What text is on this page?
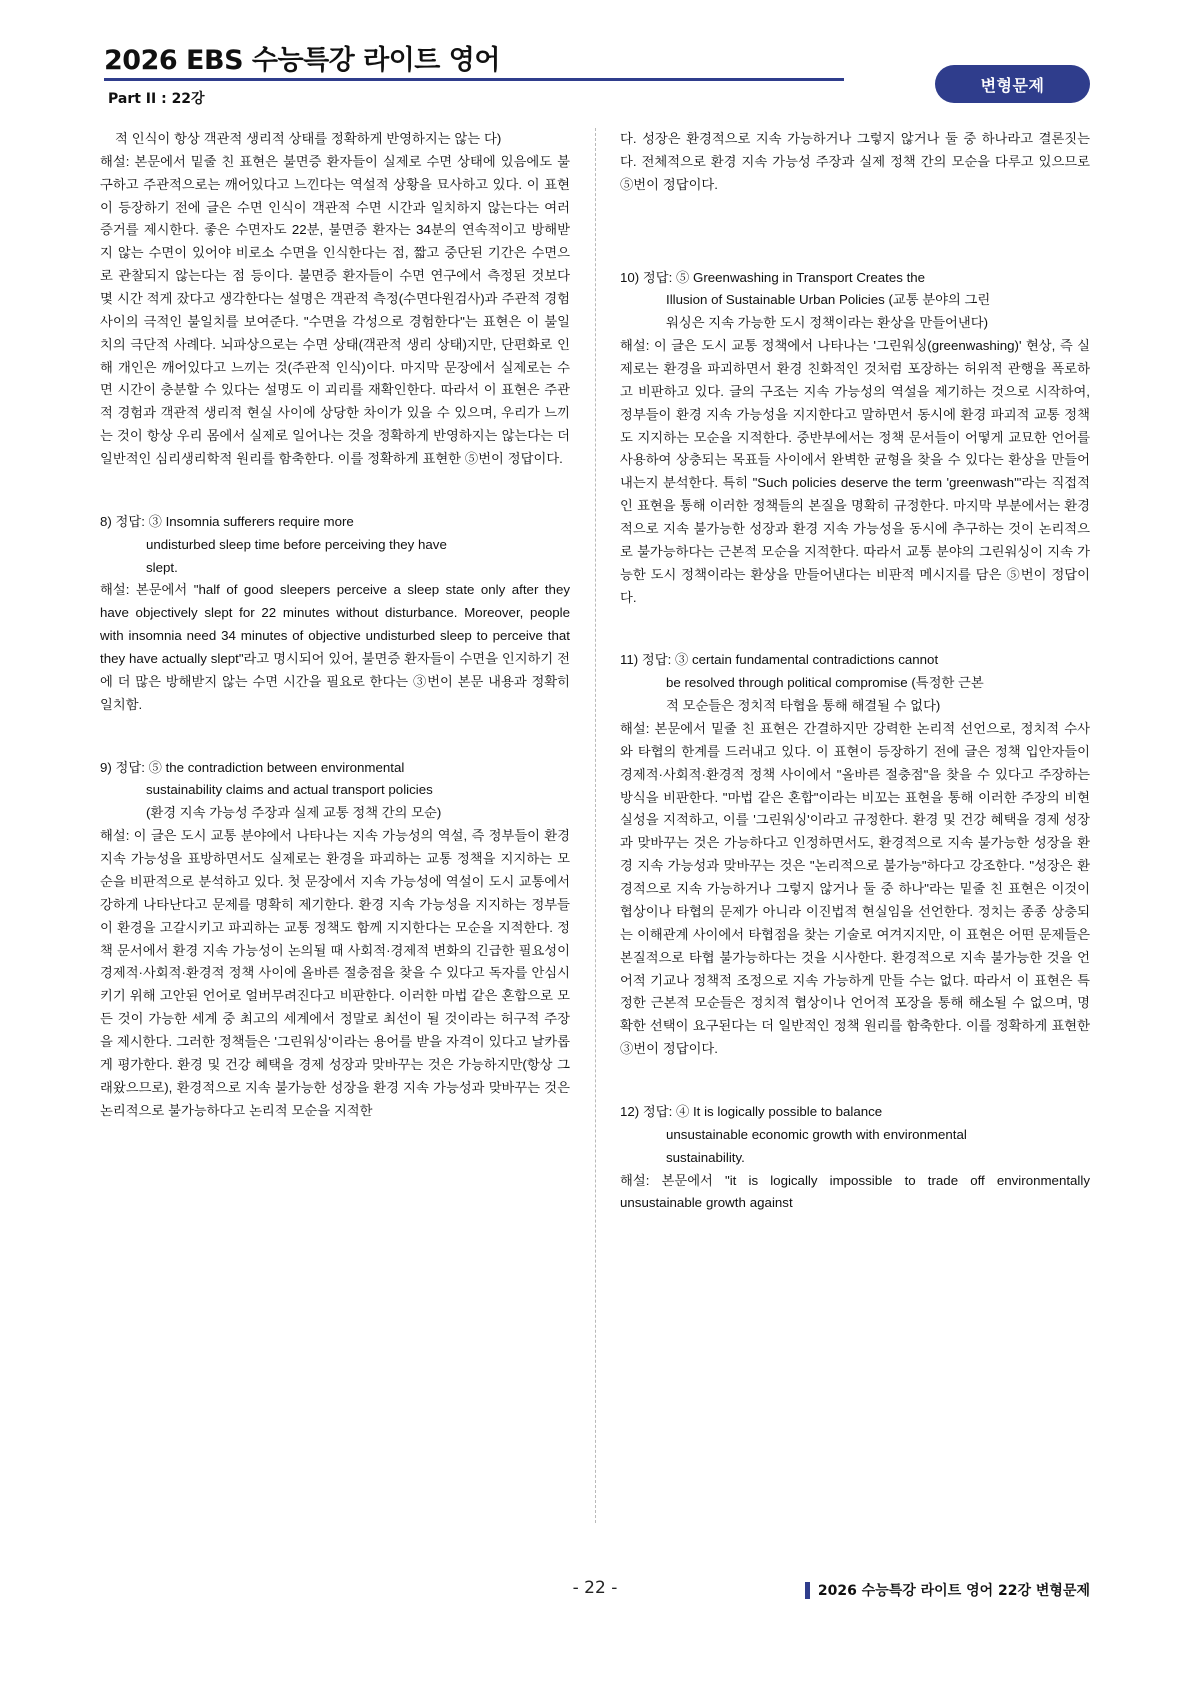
2026 EBS 수능특강 라이트 영어
Part II : 22강
변형문제

적 인식이 항상 객관적 생리적 상태를 정확하게 반영하지는 않는 다)

해설: 본문에서 밑줄 친 표현은 불면증 환자들이 실제로 수면 상태에 있음에도 불구하고 주관적으로는 깨어있다고 느낀다는 역설적 상황을 묘사하고 있다. 이 표현이 등장하기 전에 글은 수면 인식이 객관적 수면 시간과 일치하지 않는다는 여러 증거를 제시한다. 좋은 수면자도 22분, 불면증 환자는 34분의 연속적이고 방해받지 않는 수면이 있어야 비로소 수면을 인식한다는 점, 짧고 중단된 기간은 수면으로 관찰되지 않는다는 점 등이다. 불면증 환자들이 수면 연구에서 측정된 것보다 몇 시간 적게 잤다고 생각한다는 설명은 객관적 측정(수면다원검사)과 주관적 경험 사이의 극적인 불일치를 보여준다. "수면을 각성으로 경험한다"는 표현은 이 불일치의 극단적 사례다. 뇌파상으로는 수면 상태(객관적 생리 상태)지만, 단편화로 인해 개인은 깨어있다고 느끼는 것(주관적 인식)이다. 마지막 문장에서 실제로는 수면 시간이 충분할 수 있다는 설명도 이 괴리를 재확인한다. 따라서 이 표현은 주관적 경험과 객관적 생리적 현실 사이에 상당한 차이가 있을 수 있으며, 우리가 느끼는 것이 항상 우리 몸에서 실제로 일어나는 것을 정확하게 반영하지는 않는다는 더 일반적인 심리생리학적 원리를 함축한다. 이를 정확하게 표현한 ⑤번이 정답이다.

8) 정답: ③ Insomnia sufferers require more

undisturbed sleep time before perceiving they have

slept.

해설: 본문에서 "half of good sleepers perceive a sleep state only after they have objectively slept for 22 minutes without disturbance. Moreover, people with insomnia need 34 minutes of objective undisturbed sleep to perceive that they have actually slept"라고 명시되어 있어, 불면증 환자들이 수면을 인지하기 전에 더 많은 방해받지 않는 수면 시간을 필요로 한다는 ③번이 본문 내용과 정확히 일치함.

9) 정답: ⑤ the contradiction between environmental

sustainability claims and actual transport policies

(환경 지속 가능성 주장과 실제 교통 정책 간의 모순)

해설: 이 글은 도시 교통 분야에서 나타나는 지속 가능성의 역설, 즉 정부들이 환경 지속 가능성을 표방하면서도 실제로는 환경을 파괴하는 교통 정책을 지지하는 모순을 비판적으로 분석하고 있다. 첫 문장에서 지속 가능성에 역설이 도시 교통에서 강하게 나타난다고 문제를 명확히 제기한다. 환경 지속 가능성을 지지하는 정부들이 환경을 고갈시키고 파괴하는 교통 정책도 함께 지지한다는 모순을 지적한다. 정책 문서에서 환경 지속 가능성이 논의될 때 사회적·경제적 변화의 긴급한 필요성이 경제적·사회적·환경적 정책 사이에 올바른 절충점을 찾을 수 있다고 독자를 안심시키기 위해 고안된 언어로 얼버무려진다고 비판한다. 이러한 마법 같은 혼합으로 모든 것이 가능한 세계 중 최고의 세계에서 정말로 최선이 될 것이라는 허구적 주장을 제시한다. 그러한 정책들은 '그린워싱'이라는 용어를 받을 자격이 있다고 날카롭게 평가한다. 환경 및 건강 혜택을 경제 성장과 맞바꾸는 것은 가능하지만(항상 그래왔으므로), 환경적으로 지속 불가능한 성장을 환경 지속 가능성과 맞바꾸는 것은 논리적으로 불가능하다고 논리적 모순을 지적한

다. 성장은 환경적으로 지속 가능하거나 그렇지 않거나 둘 중 하나라고 결론짓는다. 전체적으로 환경 지속 가능성 주장과 실제 정책 간의 모순을 다루고 있으므로 ⑤번이 정답이다.

10) 정답: ⑤ Greenwashing in Transport Creates the

Illusion of Sustainable Urban Policies (교통 분야의 그린

워싱은 지속 가능한 도시 정책이라는 환상을 만들어낸다)

해설: 이 글은 도시 교통 정책에서 나타나는 '그린워싱(greenwashing)' 현상, 즉 실제로는 환경을 파괴하면서 환경 친화적인 것처럼 포장하는 허위적 관행을 폭로하고 비판하고 있다. 글의 구조는 지속 가능성의 역설을 제기하는 것으로 시작하여, 정부들이 환경 지속 가능성을 지지한다고 말하면서 동시에 환경 파괴적 교통 정책도 지지하는 모순을 지적한다. 중반부에서는 정책 문서들이 어떻게 교묘한 언어를 사용하여 상충되는 목표들 사이에서 완벽한 균형을 찾을 수 있다는 환상을 만들어내는지 분석한다. 특히 "Such policies deserve the term 'greenwash'"라는 직접적인 표현을 통해 이러한 정책들의 본질을 명확히 규정한다. 마지막 부분에서는 환경적으로 지속 불가능한 성장과 환경 지속 가능성을 동시에 추구하는 것이 논리적으로 불가능하다는 근본적 모순을 지적한다. 따라서 교통 분야의 그린워싱이 지속 가능한 도시 정책이라는 환상을 만들어낸다는 비판적 메시지를 담은 ⑤번이 정답이다.

11) 정답: ③ certain fundamental contradictions cannot

be resolved through political compromise (특정한 근본

적 모순들은 정치적 타협을 통해 해결될 수 없다)

해설: 본문에서 밑줄 친 표현은 간결하지만 강력한 논리적 선언으로, 정치적 수사와 타협의 한계를 드러내고 있다. 이 표현이 등장하기 전에 글은 정책 입안자들이 경제적·사회적·환경적 정책 사이에서 "올바른 절충점"을 찾을 수 있다고 주장하는 방식을 비판한다. "마법 같은 혼합"이라는 비꼬는 표현을 통해 이러한 주장의 비현실성을 지적하고, 이를 '그린워싱'이라고 규정한다. 환경 및 건강 혜택을 경제 성장과 맞바꾸는 것은 가능하다고 인정하면서도, 환경적으로 지속 불가능한 성장을 환경 지속 가능성과 맞바꾸는 것은 "논리적으로 불가능"하다고 강조한다. "성장은 환경적으로 지속 가능하거나 그렇지 않거나 둘 중 하나"라는 밑줄 친 표현은 이것이 협상이나 타협의 문제가 아니라 이진법적 현실임을 선언한다. 정치는 종종 상충되는 이해관계 사이에서 타협점을 찾는 기술로 여겨지지만, 이 표현은 어떤 문제들은 본질적으로 타협 불가능하다는 것을 시사한다. 환경적으로 지속 불가능한 것을 언어적 기교나 정책적 조정으로 지속 가능하게 만들 수는 없다. 따라서 이 표현은 특정한 근본적 모순들은 정치적 협상이나 언어적 포장을 통해 해소될 수 없으며, 명확한 선택이 요구된다는 더 일반적인 정책 원리를 함축한다. 이를 정확하게 표현한 ③번이 정답이다.

12) 정답: ④ It is logically possible to balance

unsustainable economic growth with environmental

sustainability.

해설: 본문에서 "it is logically impossible to trade off environmentally unsustainable growth against

- 22 -	2026 수능특강 라이트 영어 22강 변형문제
